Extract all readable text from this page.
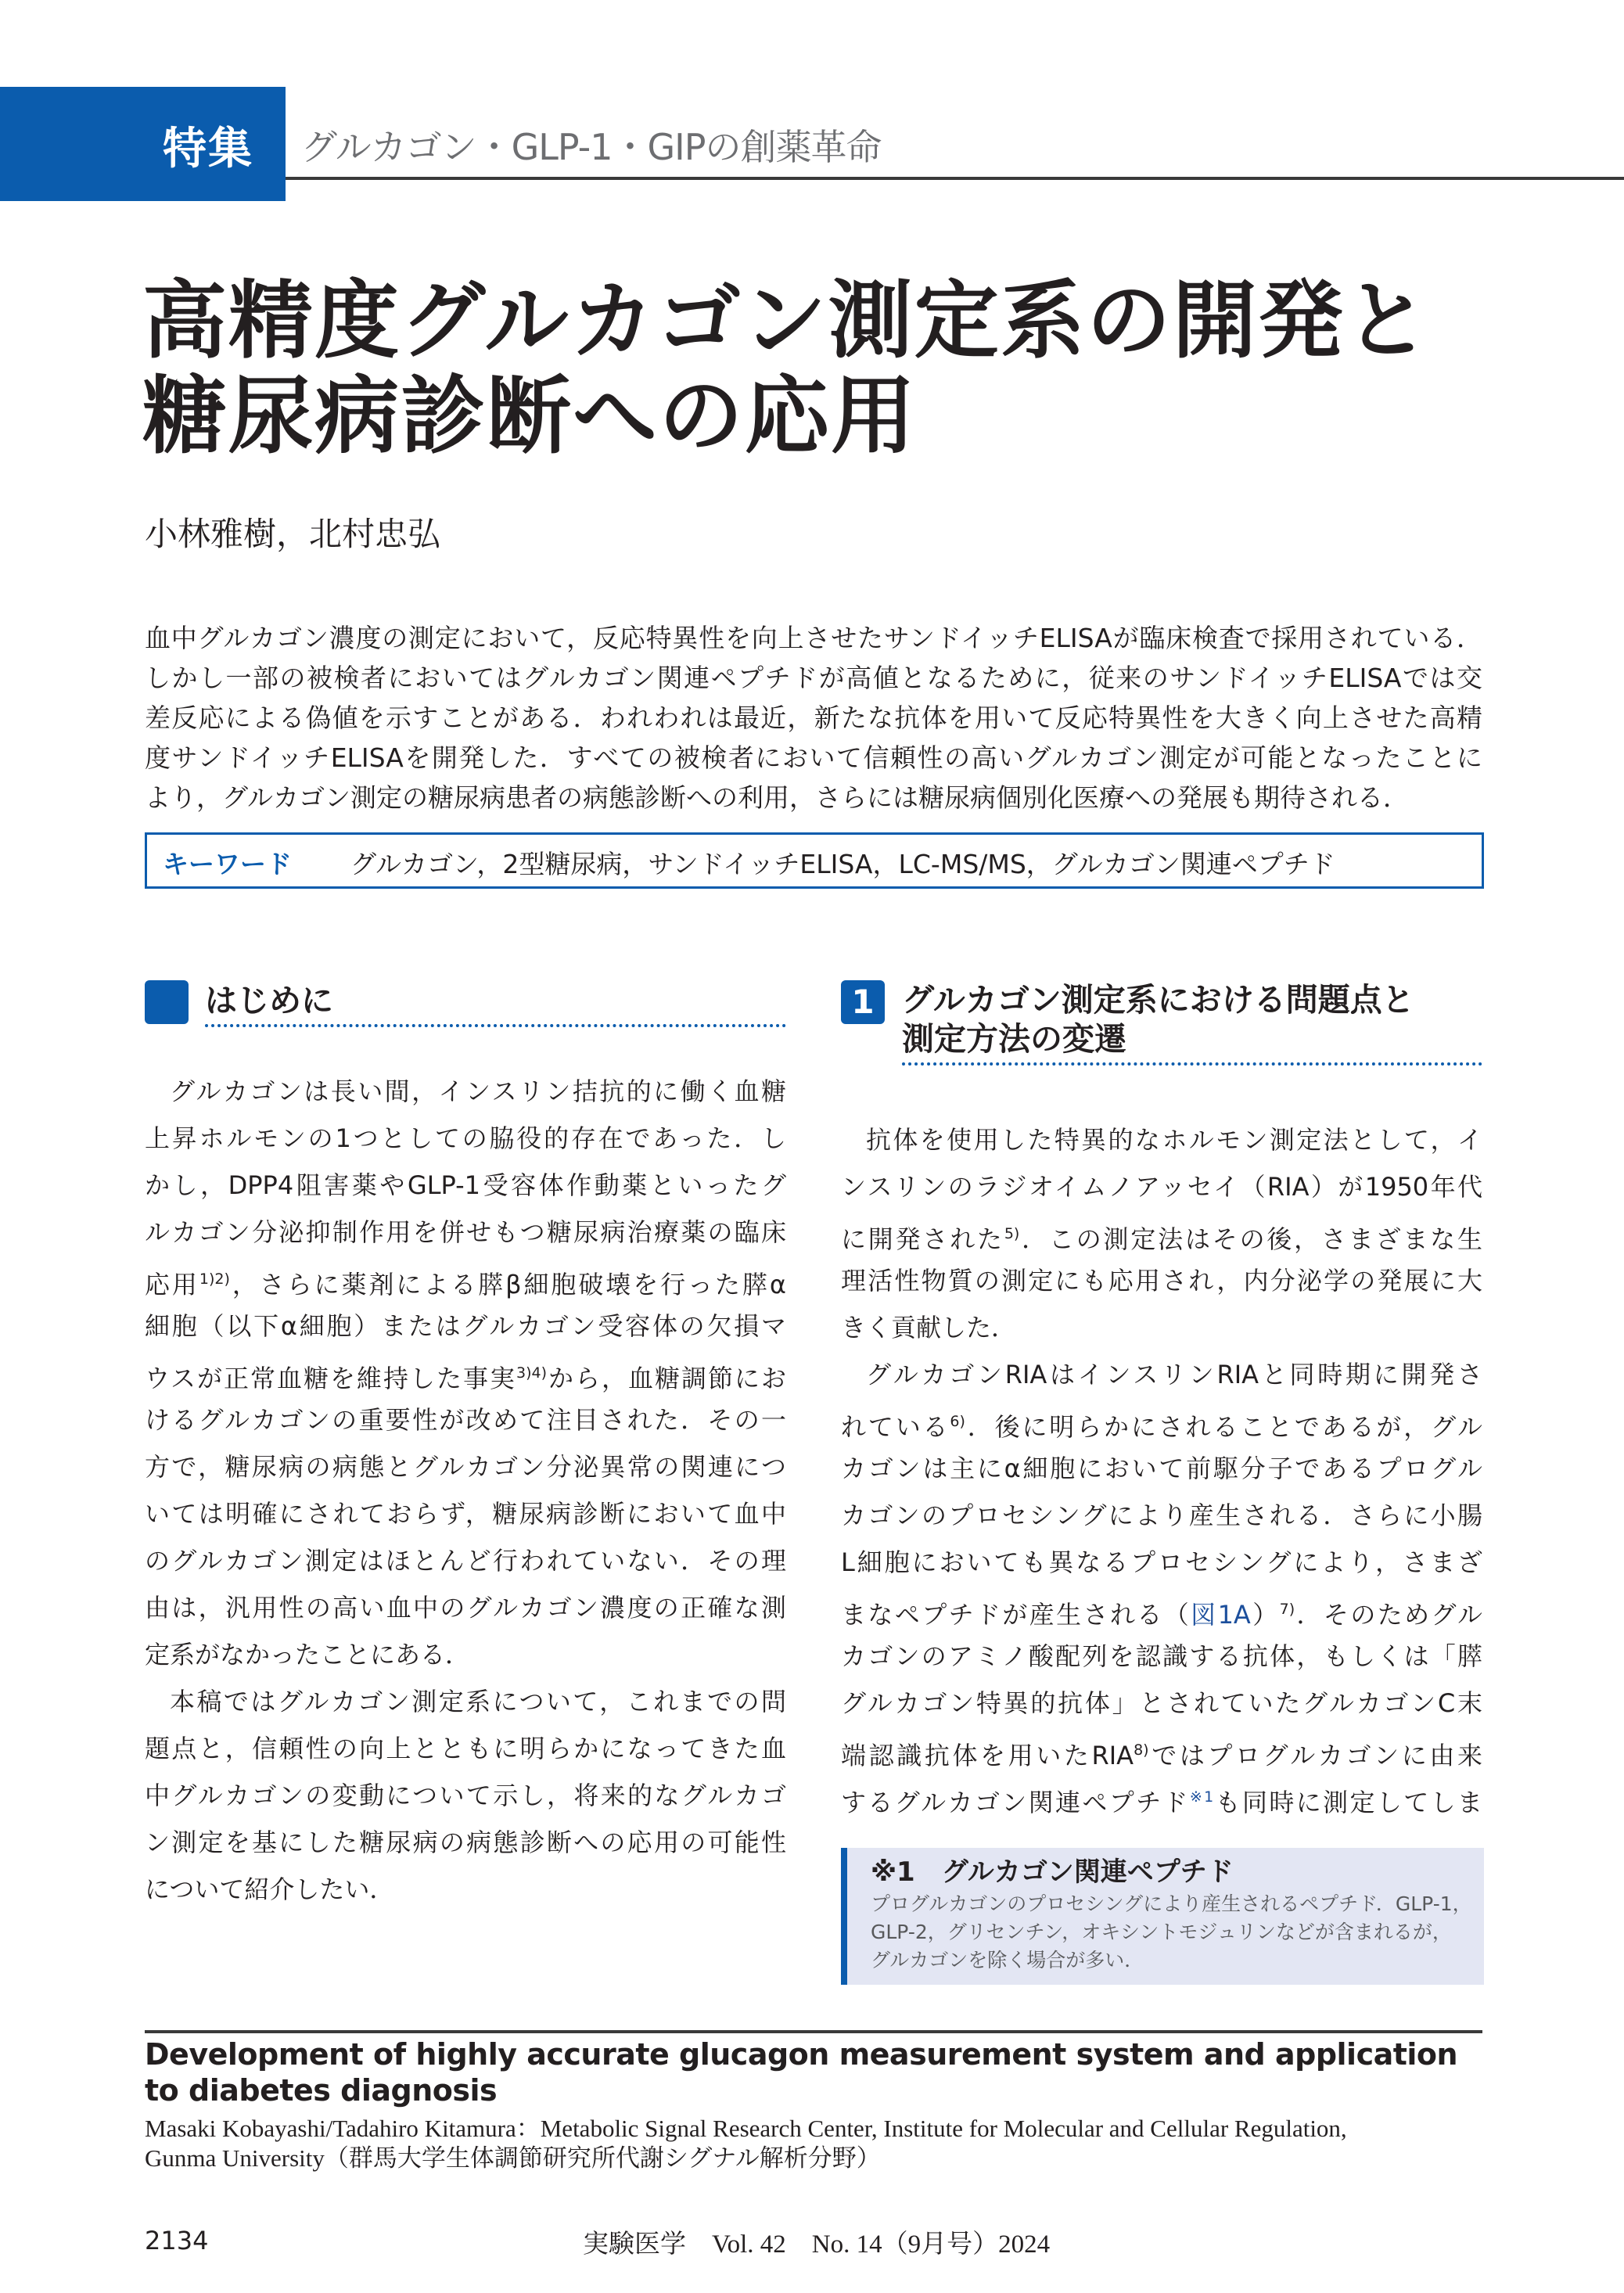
特集 グルカゴン・GLP-1・GIPの創薬革命
高精度グルカゴン測定系の開発と
糖尿病診断への応用
小林雅樹，北村忠弘
血中グルカゴン濃度の測定において，反応特異性を向上させたサンドイッチELISAが臨床検査で採用されている．
しかし一部の被検者においてはグルカゴン関連ペプチドが高値となるために，従来のサンドイッチELISAでは交
差反応による偽値を示すことがある．われわれは最近，新たな抗体を用いて反応特異性を大きく向上させた高精
度サンドイッチELISAを開発した．すべての被検者において信頼性の高いグルカゴン測定が可能となったことに
より，グルカゴン測定の糖尿病患者の病態診断への利用，さらには糖尿病個別化医療への発展も期待される．
キーワード グルカゴン，2型糖尿病，サンドイッチELISA，LC-MS/MS，グルカゴン関連ペプチド
はじめに
グルカゴンは長い間，インスリン拮抗的に働く血糖
上昇ホルモンの1つとしての脇役的存在であった．し
かし，DPP4阻害薬やGLP-1受容体作動薬といったグ
ルカゴン分泌抑制作用を併せもつ糖尿病治療薬の臨床
応用$^{1)2)}$，さらに薬剤による膵β細胞破壊を行った膵α
細胞（以下α細胞）またはグルカゴン受容体の欠損マ
ウスが正常血糖を維持した事実$^{3)4)}$から，血糖調節にお
けるグルカゴンの重要性が改めて注目された．その一
方で，糖尿病の病態とグルカゴン分泌異常の関連につ
いては明確にされておらず，糖尿病診断において血中
のグルカゴン測定はほとんど行われていない．その理
由は，汎用性の高い血中のグルカゴン濃度の正確な測
定系がなかったことにある．
本稿ではグルカゴン測定系について，これまでの問
題点と，信頼性の向上とともに明らかになってきた血
中グルカゴンの変動について示し，将来的なグルカゴ
ン測定を基にした糖尿病の病態診断への応用の可能性
について紹介したい．
1 グルカゴン測定系における問題点と
測定方法の変遷
抗体を使用した特異的なホルモン測定法として，イ
ンスリンのラジオイムノアッセイ（RIA）が1950年代
に開発された$^{5)}$．この測定法はその後，さまざまな生
理活性物質の測定にも応用され，内分泌学の発展に大
きく貢献した．
グルカゴンRIAはインスリンRIAと同時期に開発さ
れている$^{6)}$．後に明らかにされることであるが，グル
カゴンは主にα細胞において前駆分子であるプログル
カゴンのプロセシングにより産生される．さらに小腸
L細胞においても異なるプロセシングにより，さまざ
まなペプチドが産生される（図1A）$^{7)}$．そのためグル
カゴンのアミノ酸配列を認識する抗体，もしくは「膵
グルカゴン特異的抗体」とされていたグルカゴンC末
端認識抗体を用いたRIA$^{8)}$ではプログルカゴンに由来
するグルカゴン関連ペプチド$^{※1}$も同時に測定してしま
※1　グルカゴン関連ペプチド
プログルカゴンのプロセシングにより産生されるペプチド．GLP-1，
GLP-2，グリセンチン，オキシントモジュリンなどが含まれるが，
グルカゴンを除く場合が多い．
Development of highly accurate glucagon measurement system and application to diabetes diagnosis
Masaki Kobayashi/Tadahiro Kitamura：Metabolic Signal Research Center, Institute for Molecular and Cellular Regulation,
Gunma University（群馬大学生体調節研究所代謝シグナル解析分野）
2134	実験医学　Vol. 42　No. 14（9月号）2024
